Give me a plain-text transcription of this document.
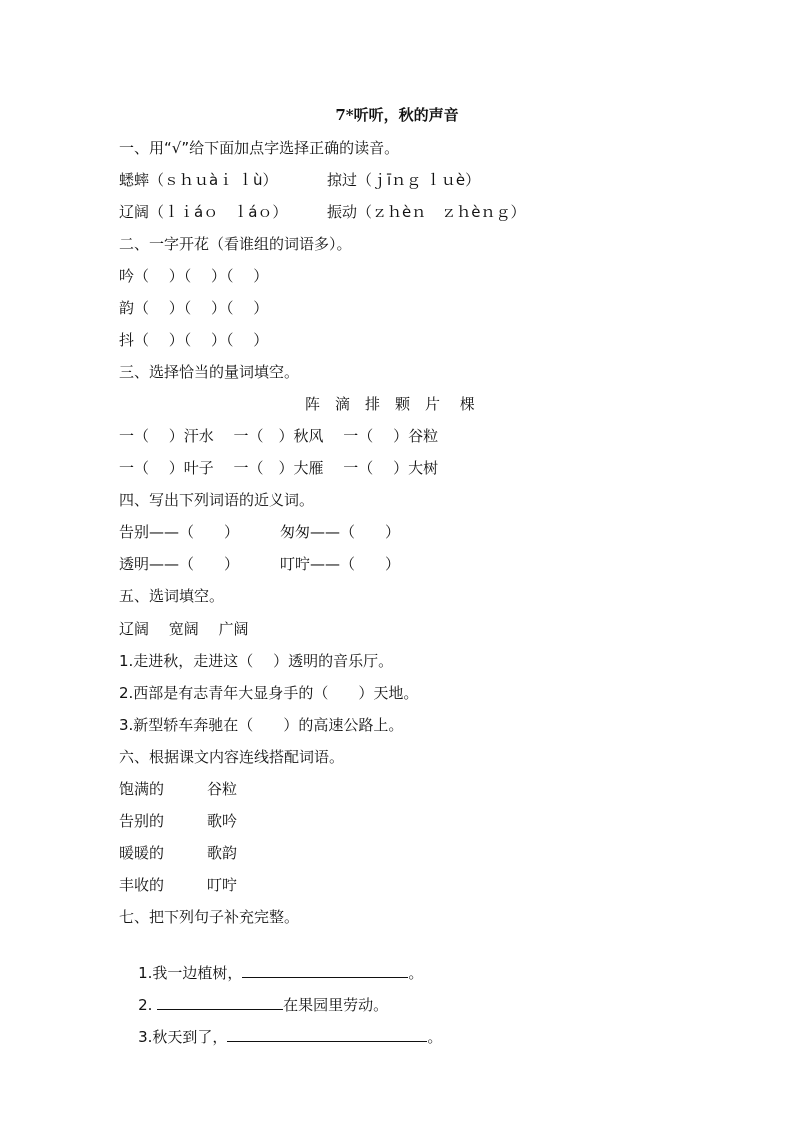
7*听听，秋的声音
一、用“√”给下面加点字选择正确的读音。
蟋蟀（ｓｈｕàｉ ｌù）	掠过（ｊīｎｇ ｌｕè）
辽阔（ｌｉáｏ　ｌáｏ）	振动（ｚｈèｎ　ｚｈèｎｇ）
二、一字开花（看谁组的词语多）。
吟（　 ）（　 ）（　 ）
韵（　 ）（　 ）（　 ）
抖（　 ）（　 ）（　 ）
三、选择恰当的量词填空。
阵　滴　排　颗　片　 棵
一（　 ）汗水　 一（　）秋风　 一（　 ）谷粒
一（　 ）叶子　 一（　）大雁　 一（　 ）大树
四、写出下列词语的近义词。
告别——（　　）	匆匆——（　　）
透明——（　　）	叮咛——（　　）
五、选词填空。
辽阔　 宽阔　 广阔
1.走进秋，走进这（　 ）透明的音乐厅。
2.西部是有志青年大显身手的（　　）天地。
3.新型轿车奔驰在（　　）的高速公路上。
六、根据课文内容连线搭配词语。
饱满的	谷粒
告别的	歌吟
暖暖的	歌韵
丰收的	叮咛
七、把下列句子补充完整。

1.我一边植树，	。

2.	在果园里劳动。

3.秋天到了，	。
